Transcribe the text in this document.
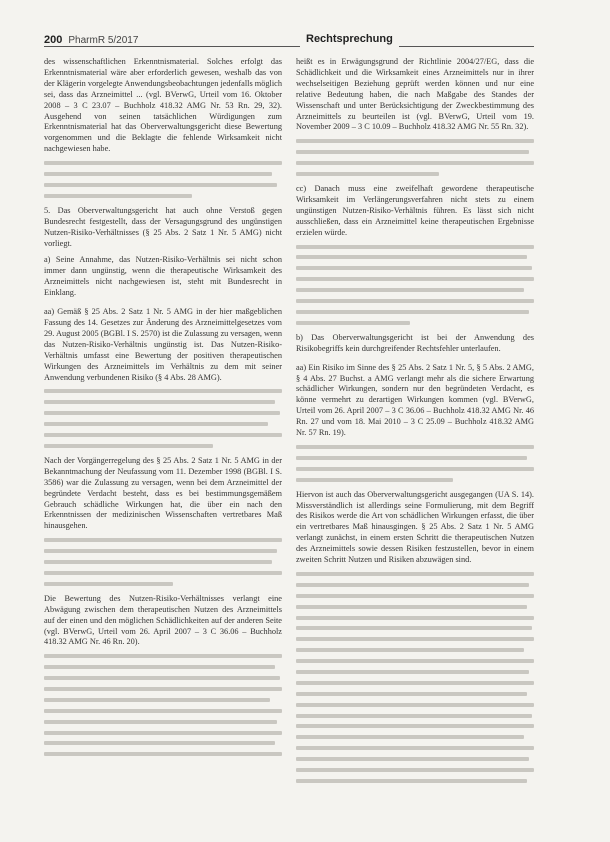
200 PharmR 5/2017	Rechtsprechung

des wissenschaftlichen Erkenntnismaterial. Solches erfolgt das Erkenntnismaterial wäre aber erforderlich gewesen, weshalb das von der Klägerin vorgelegte Anwendungsbeobachtungen jedenfalls möglich sei, dass das Arzneimittel ... (vgl. BVerwG, Urteil vom 16. Oktober 2008 – 3 C 23.07 – Buchholz 418.32 AMG Nr. 53 Rn. 29, 32). Ausgehend von seinen tatsächlichen Würdigungen zum Erkenntnismaterial hat das Oberverwaltungsgericht diese Bewertung vorgenommen und die Beklagte die fehlende Wirksamkeit nicht nachgewiesen habe.

5. Das Oberverwaltungsgericht hat auch ohne Verstoß gegen Bundesrecht festgestellt, dass der Versagungsgrund des ungünstigen Nutzen-Risiko-Verhältnisses (§ 25 Abs. 2 Satz 1 Nr. 5 AMG) nicht vorliegt.

a) Seine Annahme, das Nutzen-Risiko-Verhältnis sei nicht schon immer dann ungünstig, wenn die therapeutische Wirksamkeit des Arzneimittels nicht nachgewiesen ist, steht mit Bundesrecht in Einklang.

aa) Gemäß § 25 Abs. 2 Satz 1 Nr. 5 AMG in der hier maßgeblichen Fassung des 14. Gesetzes zur Änderung des Arzneimittelgesetzes vom 29. August 2005 (BGBl. I S. 2570) ist die Zulassung zu versagen, wenn das Nutzen-Risiko-Verhältnis ungünstig ist. Das Nutzen-Risiko-Verhältnis umfasst eine Bewertung der positiven therapeutischen Wirkungen des Arzneimittels im Verhältnis zu dem mit seiner Anwendung verbundenen Risiko (§ 4 Abs. 28 AMG).

Nach der Vorgängerregelung des § 25 Abs. 2 Satz 1 Nr. 5 AMG in der Bekanntmachung der Neufassung vom 11. Dezember 1998 (BGBl. I S. 3586) war die Zulassung zu versagen, wenn bei dem Arzneimittel der begründete Verdacht besteht, dass es bei bestimmungsgemäßem Gebrauch schädliche Wirkungen hat, die über ein nach den Erkenntnissen der medizinischen Wissenschaften vertretbares Maß hinausgehen.

Die Bewertung des Nutzen-Risiko-Verhältnisses verlangt eine Abwägung zwischen dem therapeutischen Nutzen des Arzneimittels auf der einen und den möglichen Schädlichkeiten auf der anderen Seite (vgl. BVerwG, Urteil vom 26. April 2007 – 3 C 36.06 – Buchholz 418.32 AMG Nr. 46 Rn. 20).

heißt es in Erwägungsgrund der Richtlinie 2004/27/EG, dass die Schädlichkeit und die Wirksamkeit eines Arzneimittels nur in ihrer wechselseitigen Beziehung geprüft werden können und nur eine relative Bedeutung haben, die nach Maßgabe des Standes der Wissenschaft und unter Berücksichtigung der Zweckbestimmung des Arzneimittels zu beurteilen ist (vgl. BVerwG, Urteil vom 19. November 2009 – 3 C 10.09 – Buchholz 418.32 AMG Nr. 55 Rn. 32).

cc) Danach muss eine zweifelhaft gewordene therapeutische Wirksamkeit im Verlängerungsverfahren nicht stets zu einem ungünstigen Nutzen-Risiko-Verhältnis führen. Es lässt sich nicht ausschließen, dass ein Arzneimittel keine therapeutischen Ergebnisse erzielen würde.

b) Das Oberverwaltungsgericht ist bei der Anwendung des Risikobegriffs kein durchgreifender Rechtsfehler unterlaufen.

aa) Ein Risiko im Sinne des § 25 Abs. 2 Satz 1 Nr. 5, § 5 Abs. 2 AMG, § 4 Abs. 27 Buchst. a AMG verlangt mehr als die sichere Erwartung schädlicher Wirkungen, sondern nur den begründeten Verdacht, es könne vermehrt zu derartigen Wirkungen kommen (vgl. BVerwG, Urteil vom 26. April 2007 – 3 C 36.06 – Buchholz 418.32 AMG Nr. 46 Rn. 27 und vom 18. Mai 2010 – 3 C 25.09 – Buchholz 418.32 AMG Nr. 57 Rn. 19).

Hiervon ist auch das Oberverwaltungsgericht ausgegangen (UA S. 14). Missverständlich ist allerdings seine Formulierung, mit dem Begriff des Risikos werde die Art von schädlichen Wirkungen erfasst, die über ein vertretbares Maß hinausgingen. § 25 Abs. 2 Satz 1 Nr. 5 AMG verlangt zunächst, in einem ersten Schritt die therapeutischen Nutzen des Arzneimittels sowie dessen Risiken festzustellen, bevor in einem zweiten Schritt Nutzen und Risiken abzuwägen sind.
